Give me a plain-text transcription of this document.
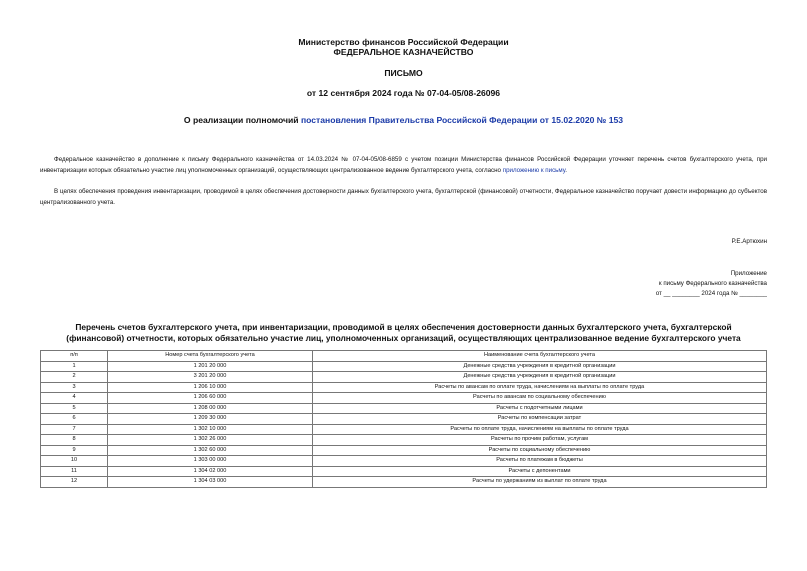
Министерство финансов Российской Федерации
ФЕДЕРАЛЬНОЕ КАЗНАЧЕЙСТВО
ПИСЬМО
от 12 сентября 2024 года № 07-04-05/08-26096
О реализации полномочий постановления Правительства Российской Федерации от 15.02.2020 № 153
Федеральное казначейство в дополнение к письму Федерального казначейства от 14.03.2024 № 07-04-05/08-6859 с учетом позиции Министерства финансов Российской Федерации уточняет перечень счетов бухгалтерского учета, при инвентаризации которых обязательно участие лиц уполномоченных организаций, осуществляющих централизованное ведение бухгалтерского учета, согласно приложению к письму.
В целях обеспечения проведения инвентаризации, проводимой в целях обеспечения достоверности данных бухгалтерского учета, бухгалтерской (финансовой) отчетности, Федеральное казначейство поручает довести информацию до субъектов централизованного учета.
Р.Е.Артюхин
Приложение
к письму Федерального казначейства
от __ ________ 2024 года № ________
Перечень счетов бухгалтерского учета, при инвентаризации, проводимой в целях обеспечения достоверности данных бухгалтерского учета, бухгалтерской
(финансовой) отчетности, которых обязательно участие лиц, уполномоченных организаций, осуществляющих централизованное ведение бухгалтерского учета
п/п	Номер счета бухгалтерского учета	Наименование счета бухгалтерского учета
1	1 201 20 000	Денежные средства учреждения в кредитной организации
2	3 201 20 000	Денежные средства учреждения в кредитной организации
3	1 206 10 000	Расчеты по авансам по оплате труда, начислениям на выплаты по оплате труда
4	1 206 60 000	Расчеты по авансам по социальному обеспечению
5	1 208 00 000	Расчеты с подотчетными лицами
6	1 209 30 000	Расчеты по компенсации затрат
7	1 302 10 000	Расчеты по оплате труда, начислениям на выплаты по оплате труда
8	1 302 26 000	Расчеты по прочим работам, услугам
9	1 302 60 000	Расчеты по социальному обеспечению
10	1 303 00 000	Расчеты по платежам в бюджеты
11	1 304 02 000	Расчеты с депонентами
12	1 304 03 000	Расчеты по удержаниям из выплат по оплате труда
